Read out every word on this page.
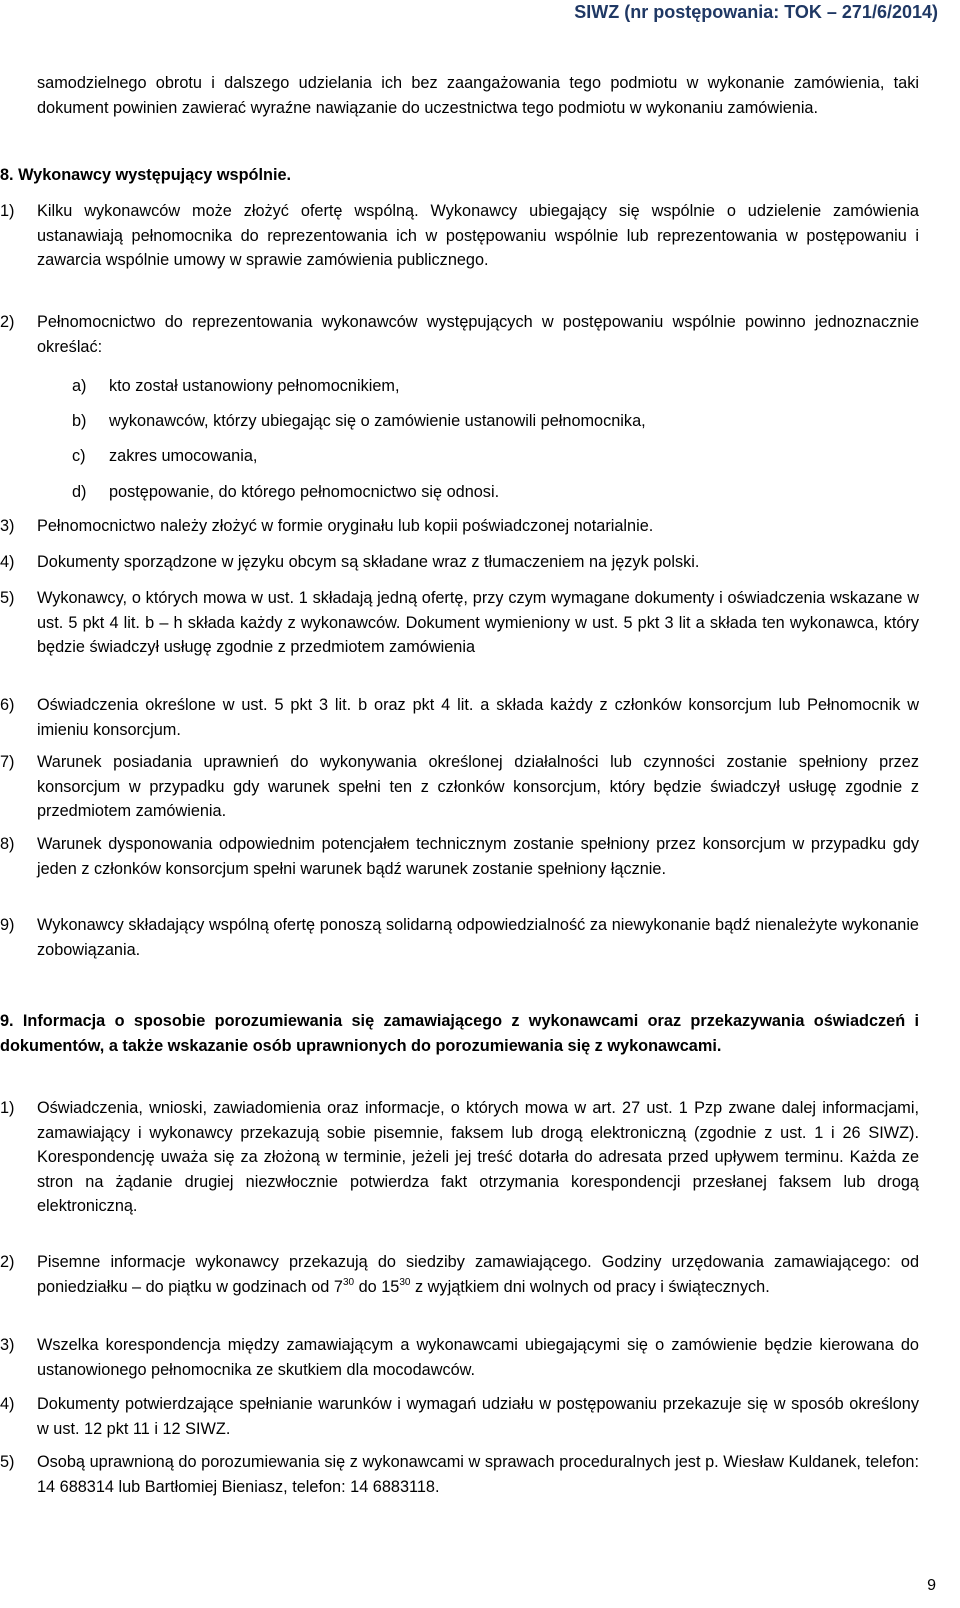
SIWZ (nr postępowania: TOK – 271/6/2014)
samodzielnego obrotu i dalszego udzielania ich bez zaangażowania tego podmiotu w wykonanie zamówienia, taki dokument powinien zawierać wyraźne nawiązanie do uczestnictwa tego podmiotu w wykonaniu zamówienia.
8. Wykonawcy występujący wspólnie.
1) Kilku wykonawców może złożyć ofertę wspólną. Wykonawcy ubiegający się wspólnie o udzielenie zamówienia ustanawiają pełnomocnika do reprezentowania ich w postępowaniu wspólnie lub reprezentowania w postępowaniu i zawarcia wspólnie umowy w sprawie zamówienia publicznego.
2) Pełnomocnictwo do reprezentowania wykonawców występujących w postępowaniu wspólnie powinno jednoznacznie określać:
a) kto został ustanowiony pełnomocnikiem,
b) wykonawców, którzy ubiegając się o zamówienie ustanowili pełnomocnika,
c) zakres umocowania,
d) postępowanie, do którego pełnomocnictwo się odnosi.
3) Pełnomocnictwo należy złożyć w formie oryginału lub kopii poświadczonej notarialnie.
4) Dokumenty sporządzone w języku obcym są składane wraz z tłumaczeniem na język polski.
5) Wykonawcy, o których mowa w ust. 1 składają jedną ofertę, przy czym wymagane dokumenty i oświadczenia wskazane w ust. 5 pkt 4 lit. b – h składa każdy z wykonawców. Dokument wymieniony w ust. 5 pkt 3 lit a składa ten wykonawca, który będzie świadczył usługę zgodnie z przedmiotem zamówienia
6) Oświadczenia określone w ust. 5 pkt 3 lit. b oraz pkt 4 lit. a składa każdy z członków konsorcjum lub Pełnomocnik w imieniu konsorcjum.
7) Warunek posiadania uprawnień do wykonywania określonej działalności lub czynności zostanie spełniony przez konsorcjum w przypadku gdy warunek spełni ten z członków konsorcjum, który będzie świadczył usługę zgodnie z przedmiotem zamówienia.
8) Warunek dysponowania odpowiednim potencjałem technicznym zostanie spełniony przez konsorcjum w przypadku gdy jeden z członków konsorcjum spełni warunek bądź warunek zostanie spełniony łącznie.
9) Wykonawcy składający wspólną ofertę ponoszą solidarną odpowiedzialność za niewykonanie bądź nienależyte wykonanie zobowiązania.
9. Informacja o sposobie porozumiewania się zamawiającego z wykonawcami oraz przekazywania oświadczeń i dokumentów, a także wskazanie osób uprawnionych do porozumiewania się z wykonawcami.
1) Oświadczenia, wnioski, zawiadomienia oraz informacje, o których mowa w art. 27 ust. 1 Pzp zwane dalej informacjami, zamawiający i wykonawcy przekazują sobie pisemnie, faksem lub drogą elektroniczną (zgodnie z ust. 1 i 26 SIWZ). Korespondencję uważa się za złożoną w terminie, jeżeli jej treść dotarła do adresata przed upływem terminu. Każda ze stron na żądanie drugiej niezwłocznie potwierdza fakt otrzymania korespondencji przesłanej faksem lub drogą elektroniczną.
2) Pisemne informacje wykonawcy przekazują do siedziby zamawiającego. Godziny urzędowania zamawiającego: od poniedziałku – do piątku w godzinach od $7^{30}$ do $15^{30}$ z wyjątkiem dni wolnych od pracy i świątecznych.
3) Wszelka korespondencja między zamawiającym a wykonawcami ubiegającymi się o zamówienie będzie kierowana do ustanowionego pełnomocnika ze skutkiem dla mocodawców.
4) Dokumenty potwierdzające spełnianie warunków i wymagań udziału w postępowaniu przekazuje się w sposób określony w ust. 12 pkt 11 i 12 SIWZ.
5) Osobą uprawnioną do porozumiewania się z wykonawcami w sprawach proceduralnych jest p. Wiesław Kuldanek, telefon: 14 688314 lub Bartłomiej Bieniasz, telefon: 14 6883118.
9
